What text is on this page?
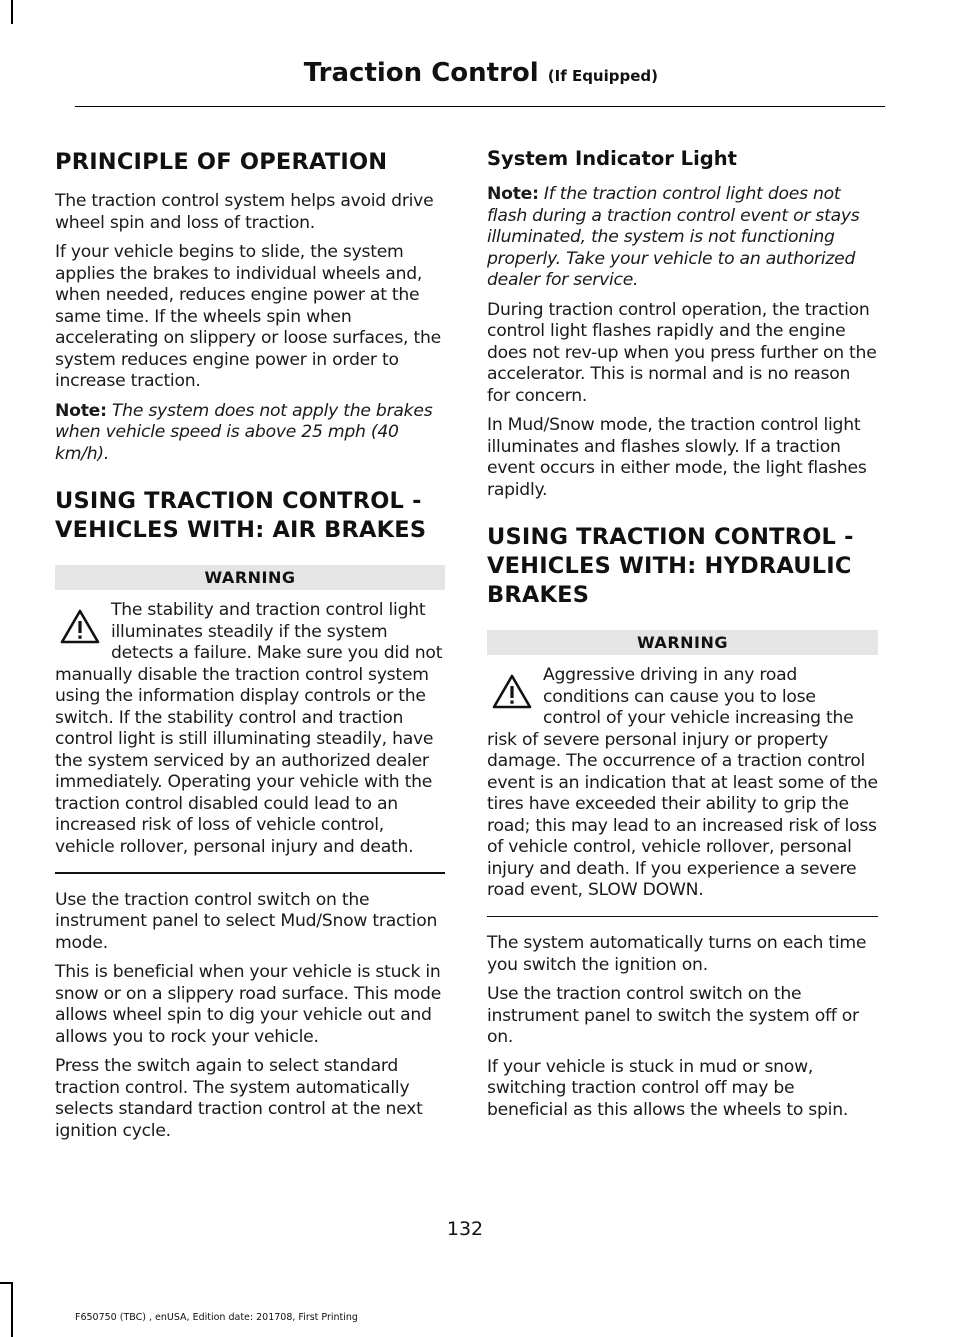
Traction Control (If Equipped)
PRINCIPLE OF OPERATION

The traction control system helps avoid drive wheel spin and loss of traction.

If your vehicle begins to slide, the system applies the brakes to individual wheels and, when needed, reduces engine power at the same time. If the wheels spin when accelerating on slippery or loose surfaces, the system reduces engine power in order to increase traction.

Note: The system does not apply the brakes when vehicle speed is above 25 mph (40 km/h).

USING TRACTION CONTROL -
VEHICLES WITH: AIR BRAKES
WARNING

The stability and traction control light illuminates steadily if the system detects a failure. Make sure you did not manually disable the traction control system using the information display controls or the switch. If the stability control and traction control light is still illuminating steadily, have the system serviced by an authorized dealer immediately. Operating your vehicle with the traction control disabled could lead to an increased risk of loss of vehicle control, vehicle rollover, personal injury and death.

Use the traction control switch on the instrument panel to select Mud/Snow traction mode.

This is beneficial when your vehicle is stuck in snow or on a slippery road surface. This mode allows wheel spin to dig your vehicle out and allows you to rock your vehicle.

Press the switch again to select standard traction control. The system automatically selects standard traction control at the next ignition cycle.

System Indicator Light

Note: If the traction control light does not flash during a traction control event or stays illuminated, the system is not functioning properly. Take your vehicle to an authorized dealer for service.

During traction control operation, the traction control light flashes rapidly and the engine does not rev-up when you press further on the accelerator. This is normal and is no reason for concern.

In Mud/Snow mode, the traction control light illuminates and flashes slowly. If a traction event occurs in either mode, the light flashes rapidly.

USING TRACTION CONTROL -
VEHICLES WITH: HYDRAULIC
BRAKES
WARNING

Aggressive driving in any road conditions can cause you to lose control of your vehicle increasing the risk of severe personal injury or property damage. The occurrence of a traction control event is an indication that at least some of the tires have exceeded their ability to grip the road; this may lead to an increased risk of loss of vehicle control, vehicle rollover, personal injury and death. If you experience a severe road event, SLOW DOWN.

The system automatically turns on each time you switch the ignition on.

Use the traction control switch on the instrument panel to switch the system off or on.

If your vehicle is stuck in mud or snow, switching traction control off may be beneficial as this allows the wheels to spin.

132
F650750 (TBC) , enUSA, Edition date: 201708, First Printing
